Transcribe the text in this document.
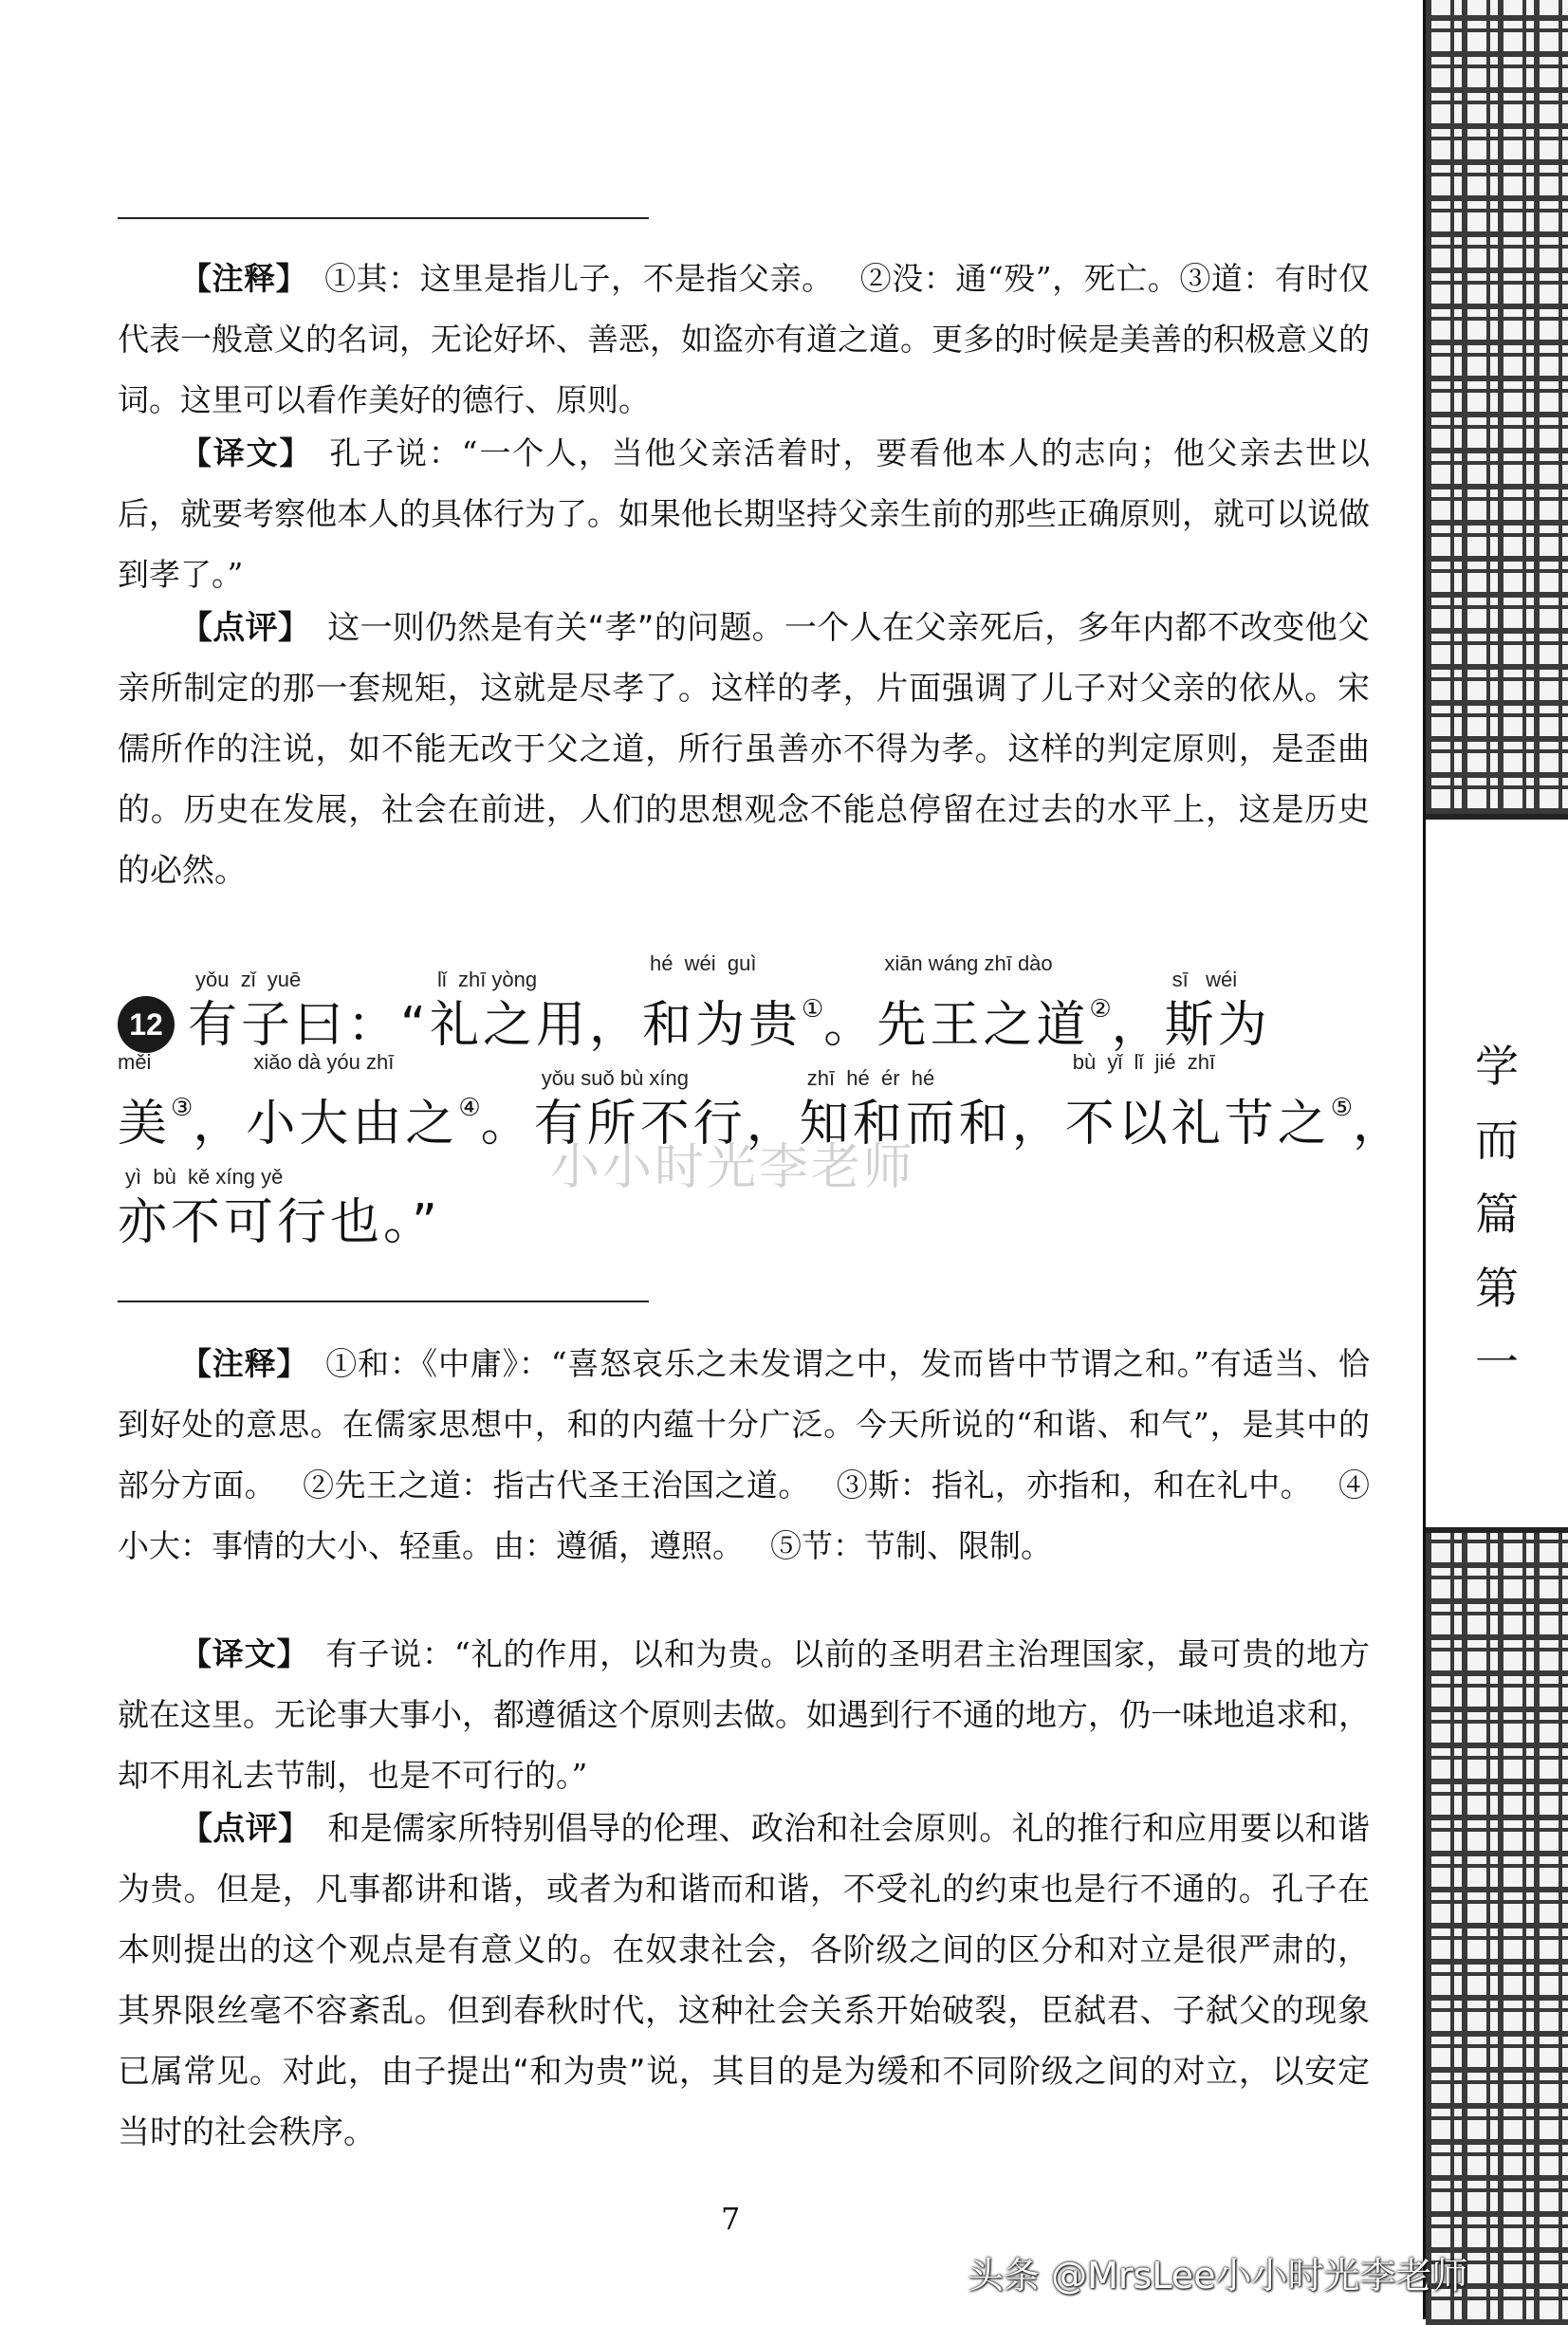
【注释】 ①其：这里是指儿子，不是指父亲。 ②没：通“殁”，死亡。③道：有时仅代表一般意义的名词，无论好坏、善恶，如盗亦有道之道。更多的时候是美善的积极意义的词。这里可以看作美好的德行、原则。

【译文】 孔子说：“一个人，当他父亲活着时，要看他本人的志向；他父亲去世以后，就要考察他本人的具体行为了。如果他长期坚持父亲生前的那些正确原则，就可以说做到孝了。”

【点评】 这一则仍然是有关“孝”的问题。一个人在父亲死后，多年内都不改变他父亲所制定的那一套规矩，这就是尽孝了。这样的孝，片面强调了儿子对父亲的依从。宋儒所作的注说，如不能无改于父之道，所行虽善亦不得为孝。这样的判定原则，是歪曲的。历史在发展，社会在前进，人们的思想观念不能总停留在过去的水平上，这是历史的必然。

12
yǒu  zǐ  yuē
有子曰：“
lǐ  zhī yòng
礼之用，
hé  wéi  guì
和为贵① 。
xiān wáng zhī dào
先王之道② ，
sī   wéi
斯为
měi
美③ ，
xiǎo dà yóu zhī
小大由之④ 。
yǒu suǒ bù xíng
有所不行，
zhī  hé  ér  hé
知和而和，
bù  yǐ  lǐ  jié  zhī
不以礼节之⑤ ，
yì  bù  kě xíng yě
亦不可行也。”
小小时光李老师

【注释】 ①和：《中庸》：“喜怒哀乐之未发谓之中，发而皆中节谓之和。”有适当、恰到好处的意思。在儒家思想中，和的内蕴十分广泛。今天所说的“和谐、和气”，是其中的部分方面。 ②先王之道：指古代圣王治国之道。 ③斯：指礼，亦指和，和在礼中。 ④小大：事情的大小、轻重。由：遵循，遵照。 ⑤节：节制、限制。

【译文】 有子说：“礼的作用，以和为贵。以前的圣明君主治理国家，最可贵的地方就在这里。无论事大事小，都遵循这个原则去做。如遇到行不通的地方，仍一味地追求和，却不用礼去节制，也是不可行的。”

【点评】 和是儒家所特别倡导的伦理、政治和社会原则。礼的推行和应用要以和谐为贵。但是，凡事都讲和谐，或者为和谐而和谐，不受礼的约束也是行不通的。孔子在本则提出的这个观点是有意义的。在奴隶社会，各阶级之间的区分和对立是很严肃的，其界限丝毫不容紊乱。但到春秋时代，这种社会关系开始破裂，臣弑君、子弑父的现象已属常见。对此，由子提出“和为贵”说，其目的是为缓和不同阶级之间的对立，以安定当时的社会秩序。

7
学
而
篇
第
一
头条 @MrsLee小小时光李老师
